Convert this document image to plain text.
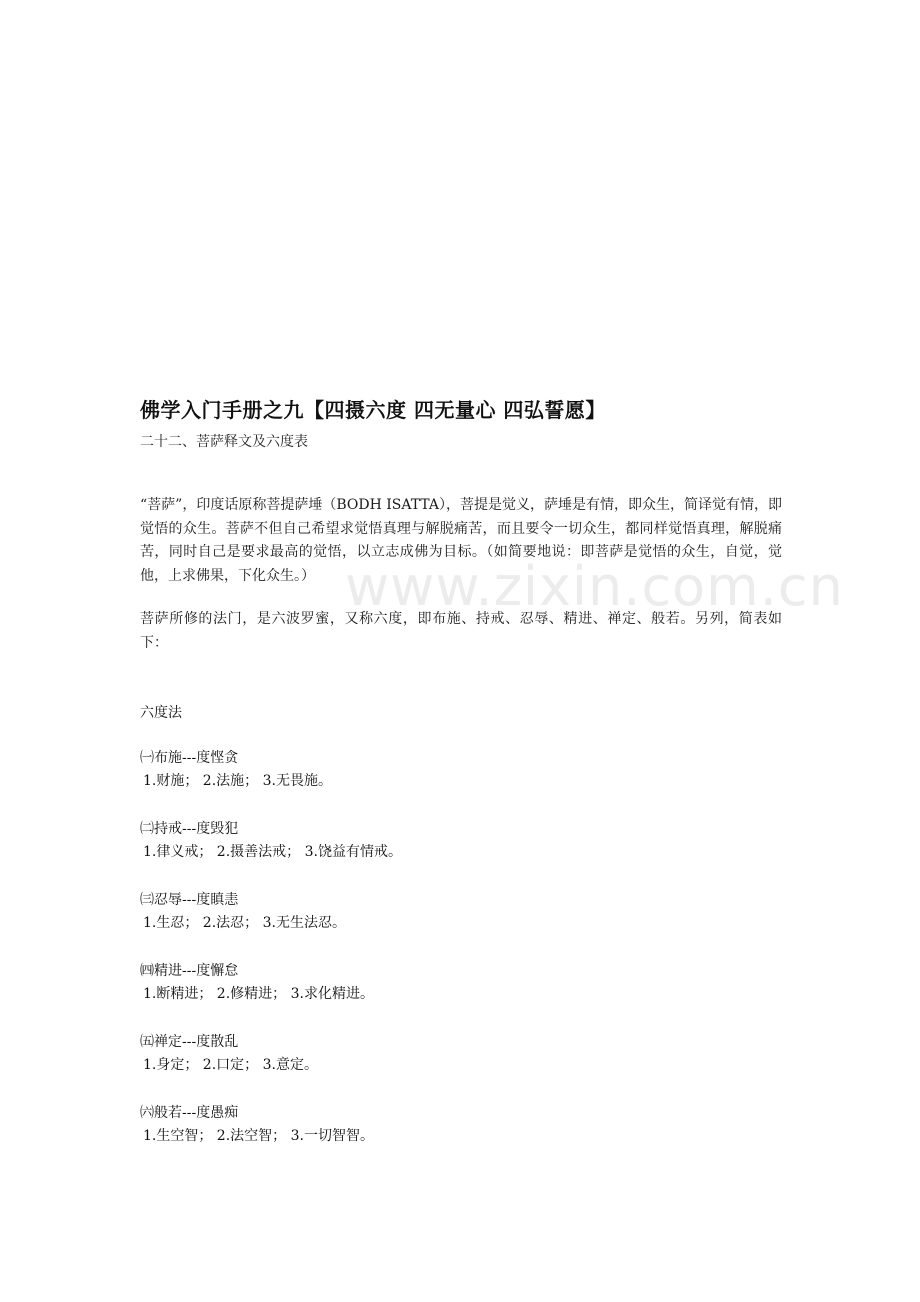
www.zixin.com.cn
佛学入门手册之九【四摄六度 四无量心 四弘誓愿】

二十二、菩萨释文及六度表

“菩萨”，印度话原称菩提萨埵（BODH ISATTA），菩提是觉义，萨埵是有情，即众生，简译觉有情，即觉悟的众生。菩萨不但自己希望求觉悟真理与解脱痛苦，而且要令一切众生，都同样觉悟真理，解脱痛苦，同时自己是要求最高的觉悟，以立志成佛为目标。（如简要地说：即菩萨是觉悟的众生，自觉，觉他，上求佛果，下化众生。）

菩萨所修的法门，是六波罗蜜，又称六度，即布施、持戒、忍辱、精进、禅定、般若。另列，简表如下：

六度法

㈠布施---度悭贪

1.财施； 2.法施； 3.无畏施。

㈡持戒---度毁犯

1.律义戒； 2.摄善法戒； 3.饶益有情戒。

㈢忍辱---度瞋恚

1.生忍； 2.法忍； 3.无生法忍。

㈣精进---度懈怠

1.断精进； 2.修精进； 3.求化精进。

㈤禅定---度散乱

1.身定； 2.口定； 3.意定。

㈥般若---度愚痴

1.生空智； 2.法空智； 3.一切智智。
